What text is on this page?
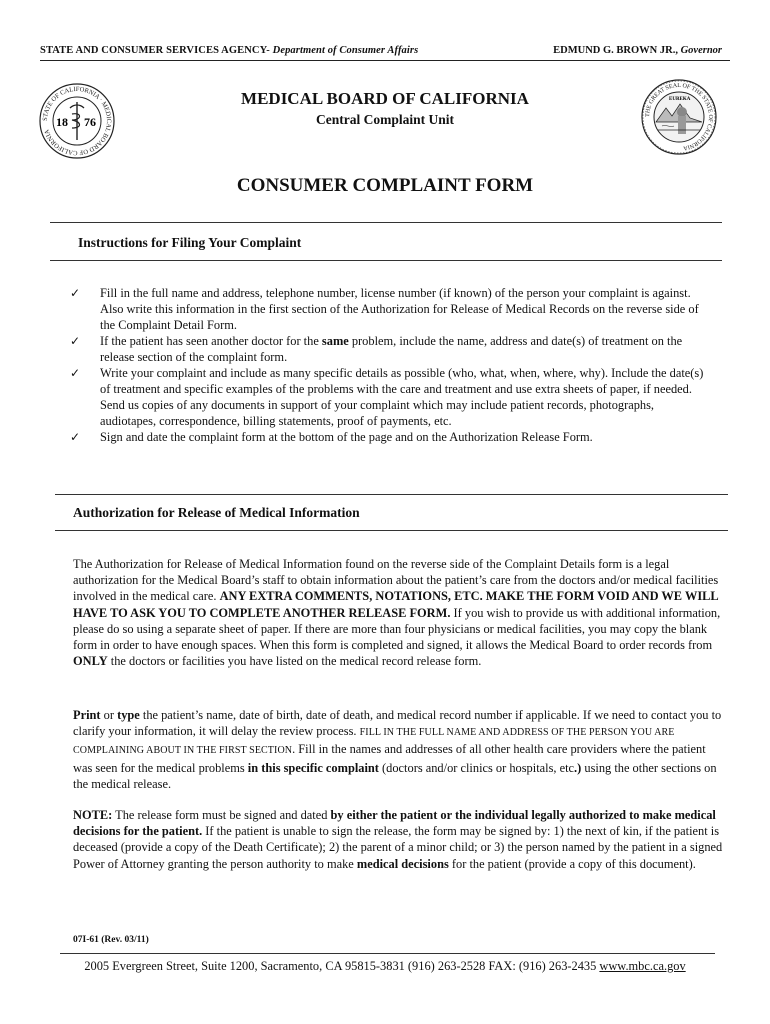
STATE AND CONSUMER SERVICES AGENCY- Department of Consumer Affairs	EDMUND G. BROWN JR., Governor
STATE OF CALIFORNIA · MEDICAL BOARD OF CALIFORNIA
18 76	THE GREAT SEAL OF THE STATE OF CALIFORNIA
EUREKA
MEDICAL BOARD OF CALIFORNIA
Central Complaint Unit
CONSUMER COMPLAINT FORM
Instructions for Filing Your Complaint
✓	Fill in the full name and address, telephone number, license number (if known) of the person your complaint is against. Also write this information in the first section of the Authorization for Release of Medical Records on the reverse side of the Complaint Detail Form.
✓	If the patient has seen another doctor for the same problem, include the name, address and date(s) of treatment on the release section of the complaint form.
✓	Write your complaint and include as many specific details as possible (who, what, when, where, why). Include the date(s) of treatment and specific examples of the problems with the care and treatment and use extra sheets of paper, if needed. Send us copies of any documents in support of your complaint which may include patient records, photographs, audiotapes, correspondence, billing statements, proof of payments, etc.
✓	Sign and date the complaint form at the bottom of the page and on the Authorization Release Form.
Authorization for Release of Medical Information
The Authorization for Release of Medical Information found on the reverse side of the Complaint Details form is a legal authorization for the Medical Board’s staff to obtain information about the patient’s care from the doctors and/or medical facilities involved in the medical care. ANY EXTRA COMMENTS, NOTATIONS, ETC. MAKE THE FORM VOID AND WE WILL HAVE TO ASK YOU TO COMPLETE ANOTHER RELEASE FORM. If you wish to provide us with additional information, please do so using a separate sheet of paper. If there are more than four physicians or medical facilities, you may copy the blank form in order to have enough spaces. When this form is completed and signed, it allows the Medical Board to order records from ONLY the doctors or facilities you have listed on the medical record release form.
Print or type the patient’s name, date of birth, date of death, and medical record number if applicable. If we need to contact you to clarify your information, it will delay the review process. FILL IN THE FULL NAME AND ADDRESS OF THE PERSON YOU ARE COMPLAINING ABOUT IN THE FIRST SECTION. Fill in the names and addresses of all other health care providers where the patient was seen for the medical problems in this specific complaint (doctors and/or clinics or hospitals, etc.) using the other sections on the medical release.
NOTE: The release form must be signed and dated by either the patient or the individual legally authorized to make medical decisions for the patient. If the patient is unable to sign the release, the form may be signed by: 1) the next of kin, if the patient is deceased (provide a copy of the Death Certificate); 2) the parent of a minor child; or 3) the person named by the patient in a signed Power of Attorney granting the person authority to make medical decisions for the patient (provide a copy of this document).
07I-61 (Rev. 03/11)
2005 Evergreen Street, Suite 1200, Sacramento, CA 95815-3831 (916) 263-2528 FAX: (916) 263-2435 www.mbc.ca.gov
